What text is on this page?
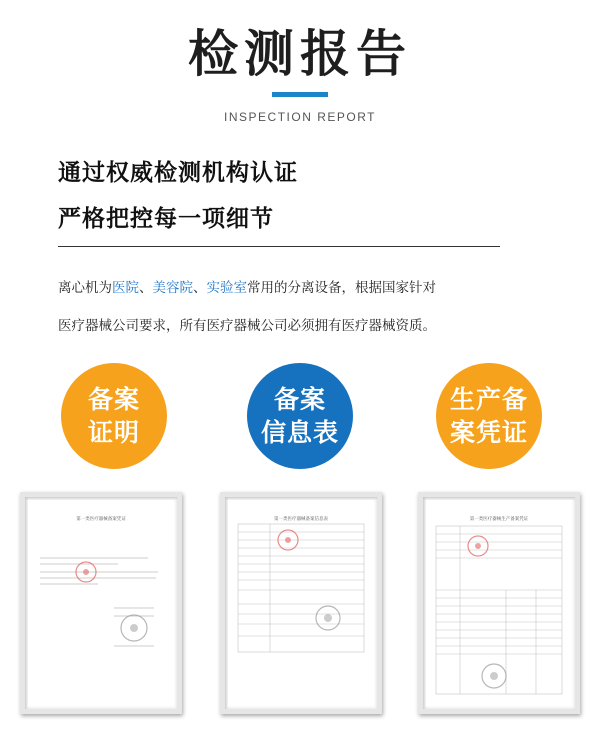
检测报告
INSPECTION REPORT
通过权威检测机构认证
严格把控每一项细节
离心机为医院、美容院、实验室常用的分离设备，根据国家针对
医疗器械公司要求，所有医疗器械公司必须拥有医疗器械资质。
备案
证明
备案
信息表
生产备
案凭证
第一类医疗器械备案凭证	第一类医疗器械备案信息表	第一类医疗器械生产备案凭证
